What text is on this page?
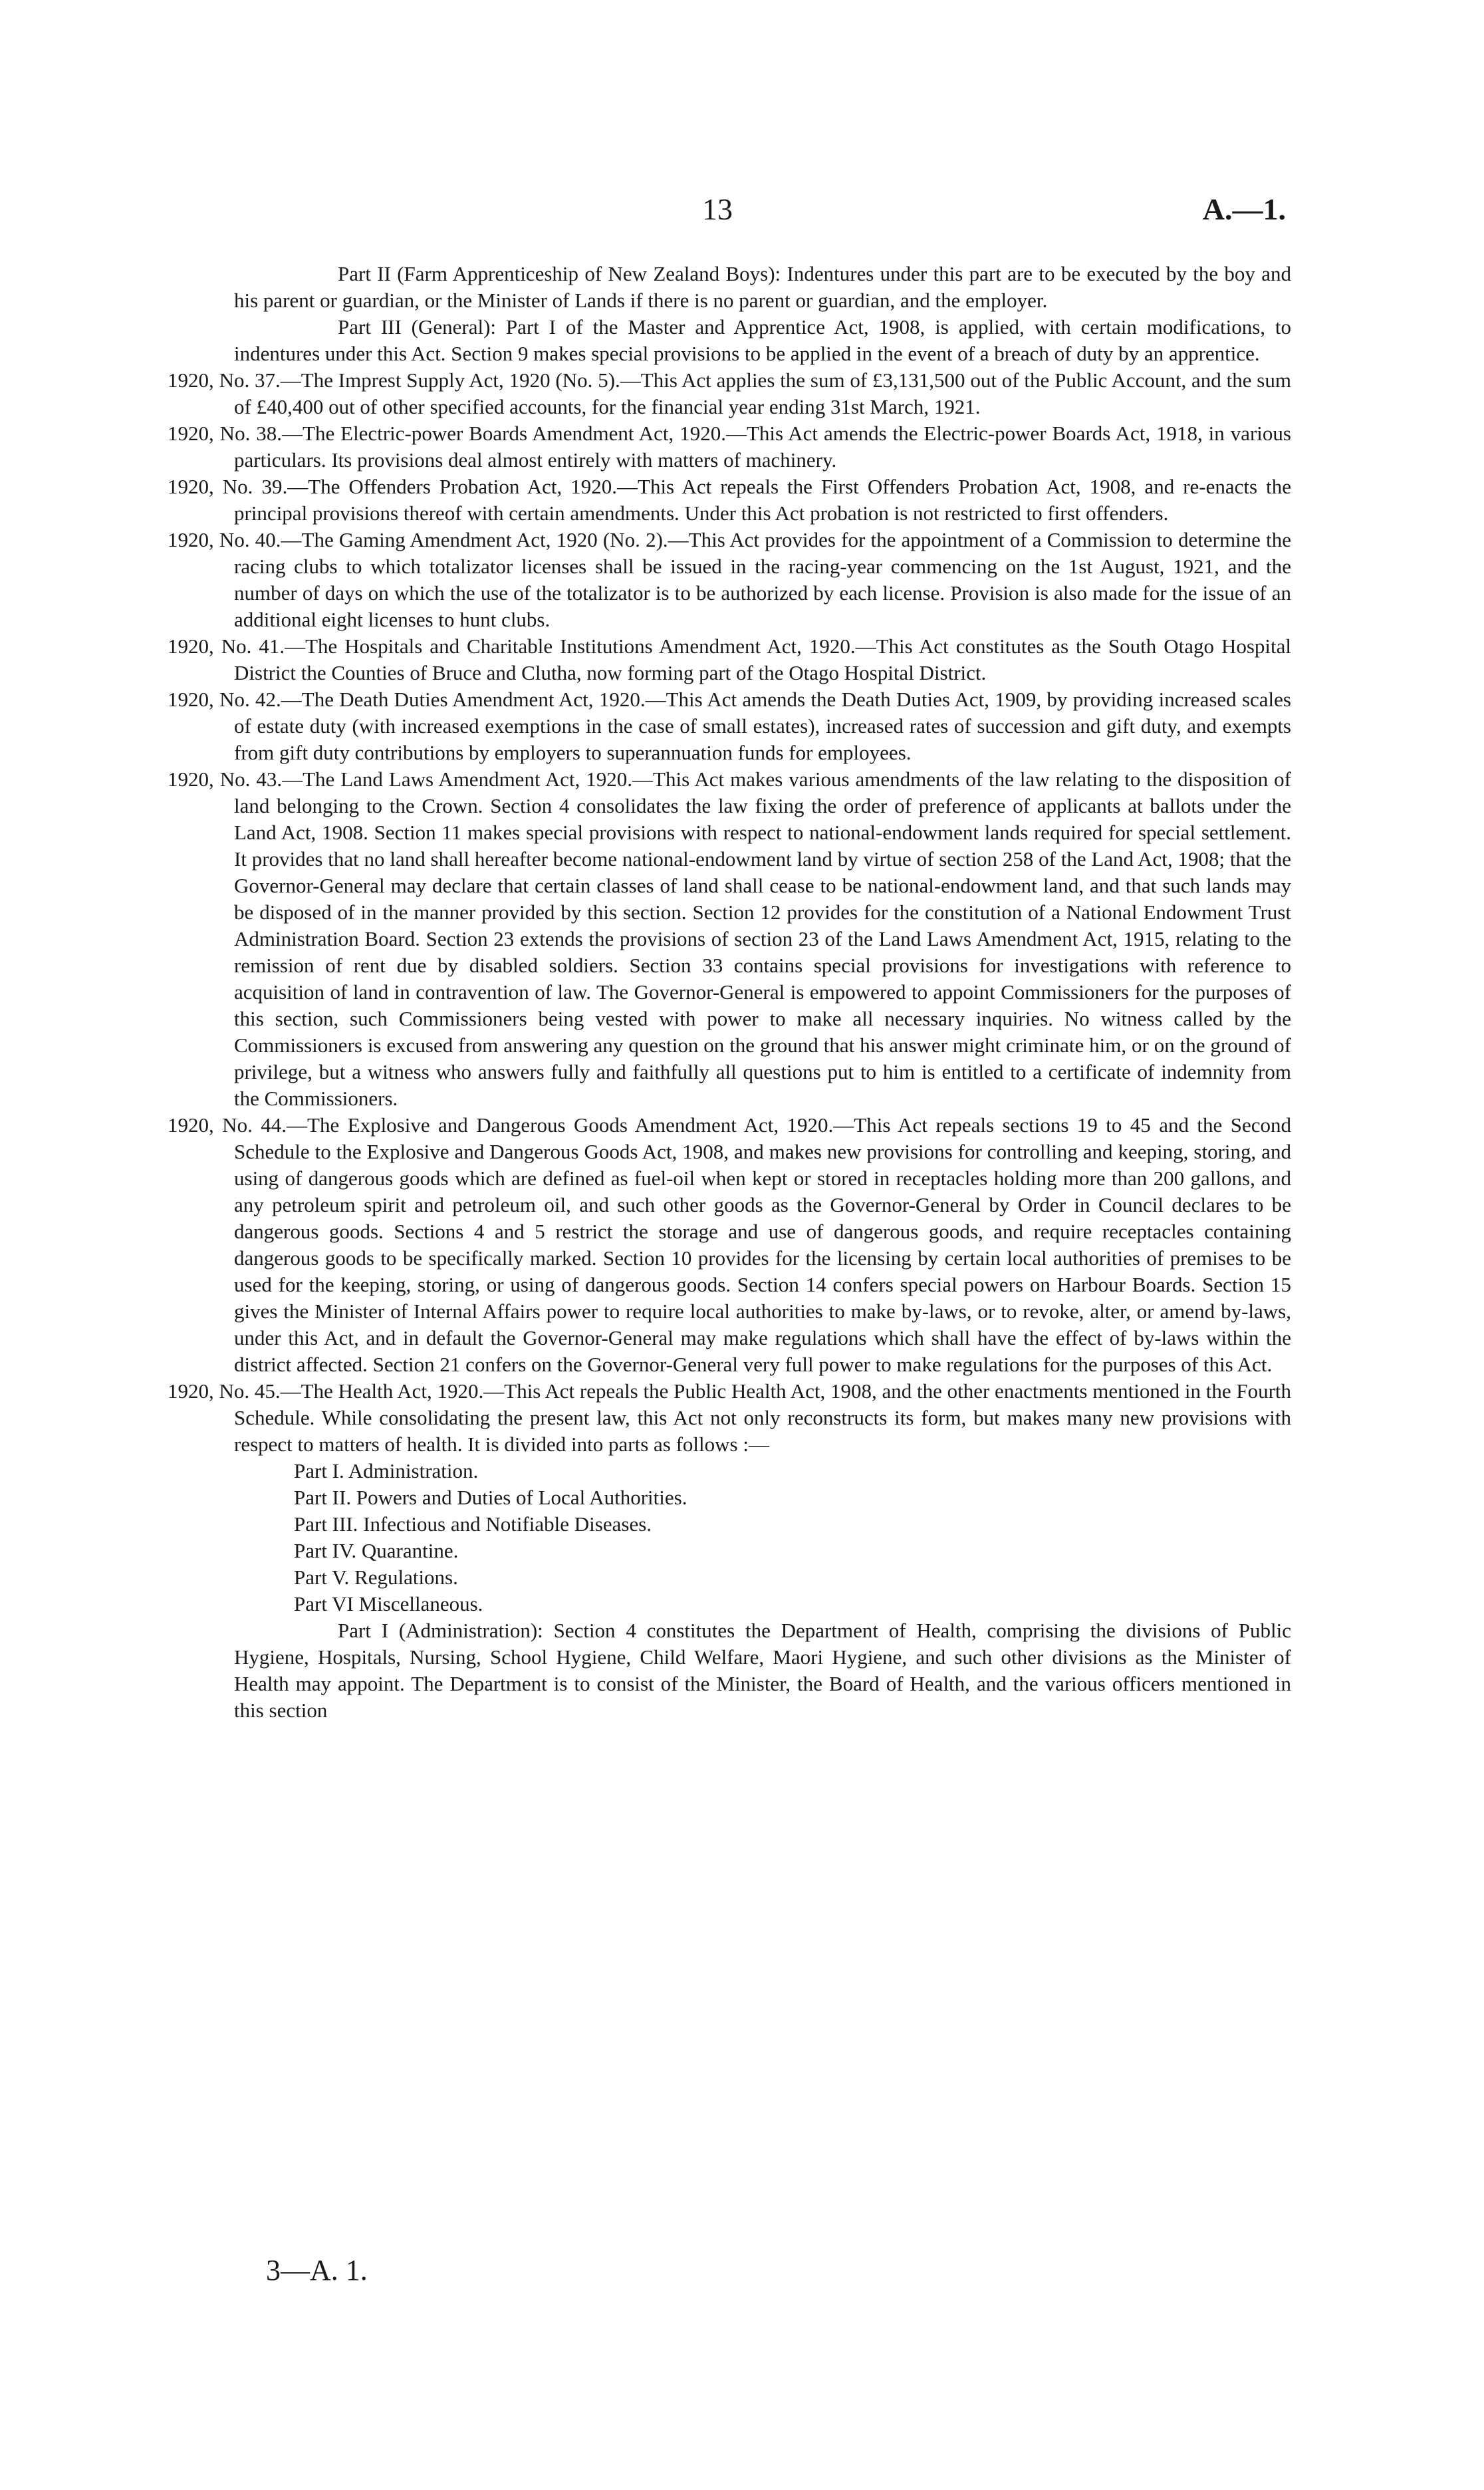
13	A.—1.

Part II (Farm Apprenticeship of New Zealand Boys): Indentures under this part are to be executed by the boy and his parent or guardian, or the Minister of Lands if there is no parent or guardian, and the employer.

Part III (General): Part I of the Master and Apprentice Act, 1908, is applied, with certain modifications, to indentures under this Act. Section 9 makes special provisions to be applied in the event of a breach of duty by an apprentice.

1920, No. 37.—The Imprest Supply Act, 1920 (No. 5).—This Act applies the sum of £3,131,500 out of the Public Account, and the sum of £40,400 out of other specified accounts, for the financial year ending 31st March, 1921.

1920, No. 38.—The Electric-power Boards Amendment Act, 1920.—This Act amends the Electric-power Boards Act, 1918, in various particulars. Its provisions deal almost entirely with matters of machinery.

1920, No. 39.—The Offenders Probation Act, 1920.—This Act repeals the First Offenders Probation Act, 1908, and re-enacts the principal provisions thereof with certain amendments. Under this Act probation is not restricted to first offenders.

1920, No. 40.—The Gaming Amendment Act, 1920 (No. 2).—This Act provides for the appointment of a Commission to determine the racing clubs to which totalizator licenses shall be issued in the racing-year commencing on the 1st August, 1921, and the number of days on which the use of the totalizator is to be authorized by each license. Provision is also made for the issue of an additional eight licenses to hunt clubs.

1920, No. 41.—The Hospitals and Charitable Institutions Amendment Act, 1920.—This Act constitutes as the South Otago Hospital District the Counties of Bruce and Clutha, now forming part of the Otago Hospital District.

1920, No. 42.—The Death Duties Amendment Act, 1920.—This Act amends the Death Duties Act, 1909, by providing increased scales of estate duty (with increased exemptions in the case of small estates), increased rates of succession and gift duty, and exempts from gift duty contributions by employers to superannuation funds for employees.

1920, No. 43.—The Land Laws Amendment Act, 1920.—This Act makes various amendments of the law relating to the disposition of land belonging to the Crown. Section 4 consolidates the law fixing the order of preference of applicants at ballots under the Land Act, 1908. Section 11 makes special provisions with respect to national-endowment lands required for special settlement. It provides that no land shall hereafter become national-endowment land by virtue of section 258 of the Land Act, 1908; that the Governor-General may declare that certain classes of land shall cease to be national-endowment land, and that such lands may be disposed of in the manner provided by this section. Section 12 provides for the constitution of a National Endowment Trust Administration Board. Section 23 extends the provisions of section 23 of the Land Laws Amendment Act, 1915, relating to the remission of rent due by disabled soldiers. Section 33 contains special provisions for investigations with reference to acquisition of land in contravention of law. The Governor-General is empowered to appoint Commissioners for the purposes of this section, such Commissioners being vested with power to make all necessary inquiries. No witness called by the Commissioners is excused from answering any question on the ground that his answer might criminate him, or on the ground of privilege, but a witness who answers fully and faithfully all questions put to him is entitled to a certificate of indemnity from the Commissioners.

1920, No. 44.—The Explosive and Dangerous Goods Amendment Act, 1920.—This Act repeals sections 19 to 45 and the Second Schedule to the Explosive and Dangerous Goods Act, 1908, and makes new provisions for controlling and keeping, storing, and using of dangerous goods which are defined as fuel-oil when kept or stored in receptacles holding more than 200 gallons, and any petroleum spirit and petroleum oil, and such other goods as the Governor-General by Order in Council declares to be dangerous goods. Sections 4 and 5 restrict the storage and use of dangerous goods, and require receptacles containing dangerous goods to be specifically marked. Section 10 provides for the licensing by certain local authorities of premises to be used for the keeping, storing, or using of dangerous goods. Section 14 confers special powers on Harbour Boards. Section 15 gives the Minister of Internal Affairs power to require local authorities to make by-laws, or to revoke, alter, or amend by-laws, under this Act, and in default the Governor-General may make regulations which shall have the effect of by-laws within the district affected. Section 21 confers on the Governor-General very full power to make regulations for the purposes of this Act.

1920, No. 45.—The Health Act, 1920.—This Act repeals the Public Health Act, 1908, and the other enactments mentioned in the Fourth Schedule. While consolidating the present law, this Act not only reconstructs its form, but makes many new provisions with respect to matters of health. It is divided into parts as follows :—

Part I. Administration.
Part II. Powers and Duties of Local Authorities.
Part III. Infectious and Notifiable Diseases.
Part IV. Quarantine.
Part V. Regulations.
Part VI Miscellaneous.

Part I (Administration): Section 4 constitutes the Department of Health, comprising the divisions of Public Hygiene, Hospitals, Nursing, School Hygiene, Child Welfare, Maori Hygiene, and such other divisions as the Minister of Health may appoint. The Department is to consist of the Minister, the Board of Health, and the various officers mentioned in this section

3—A. 1.
